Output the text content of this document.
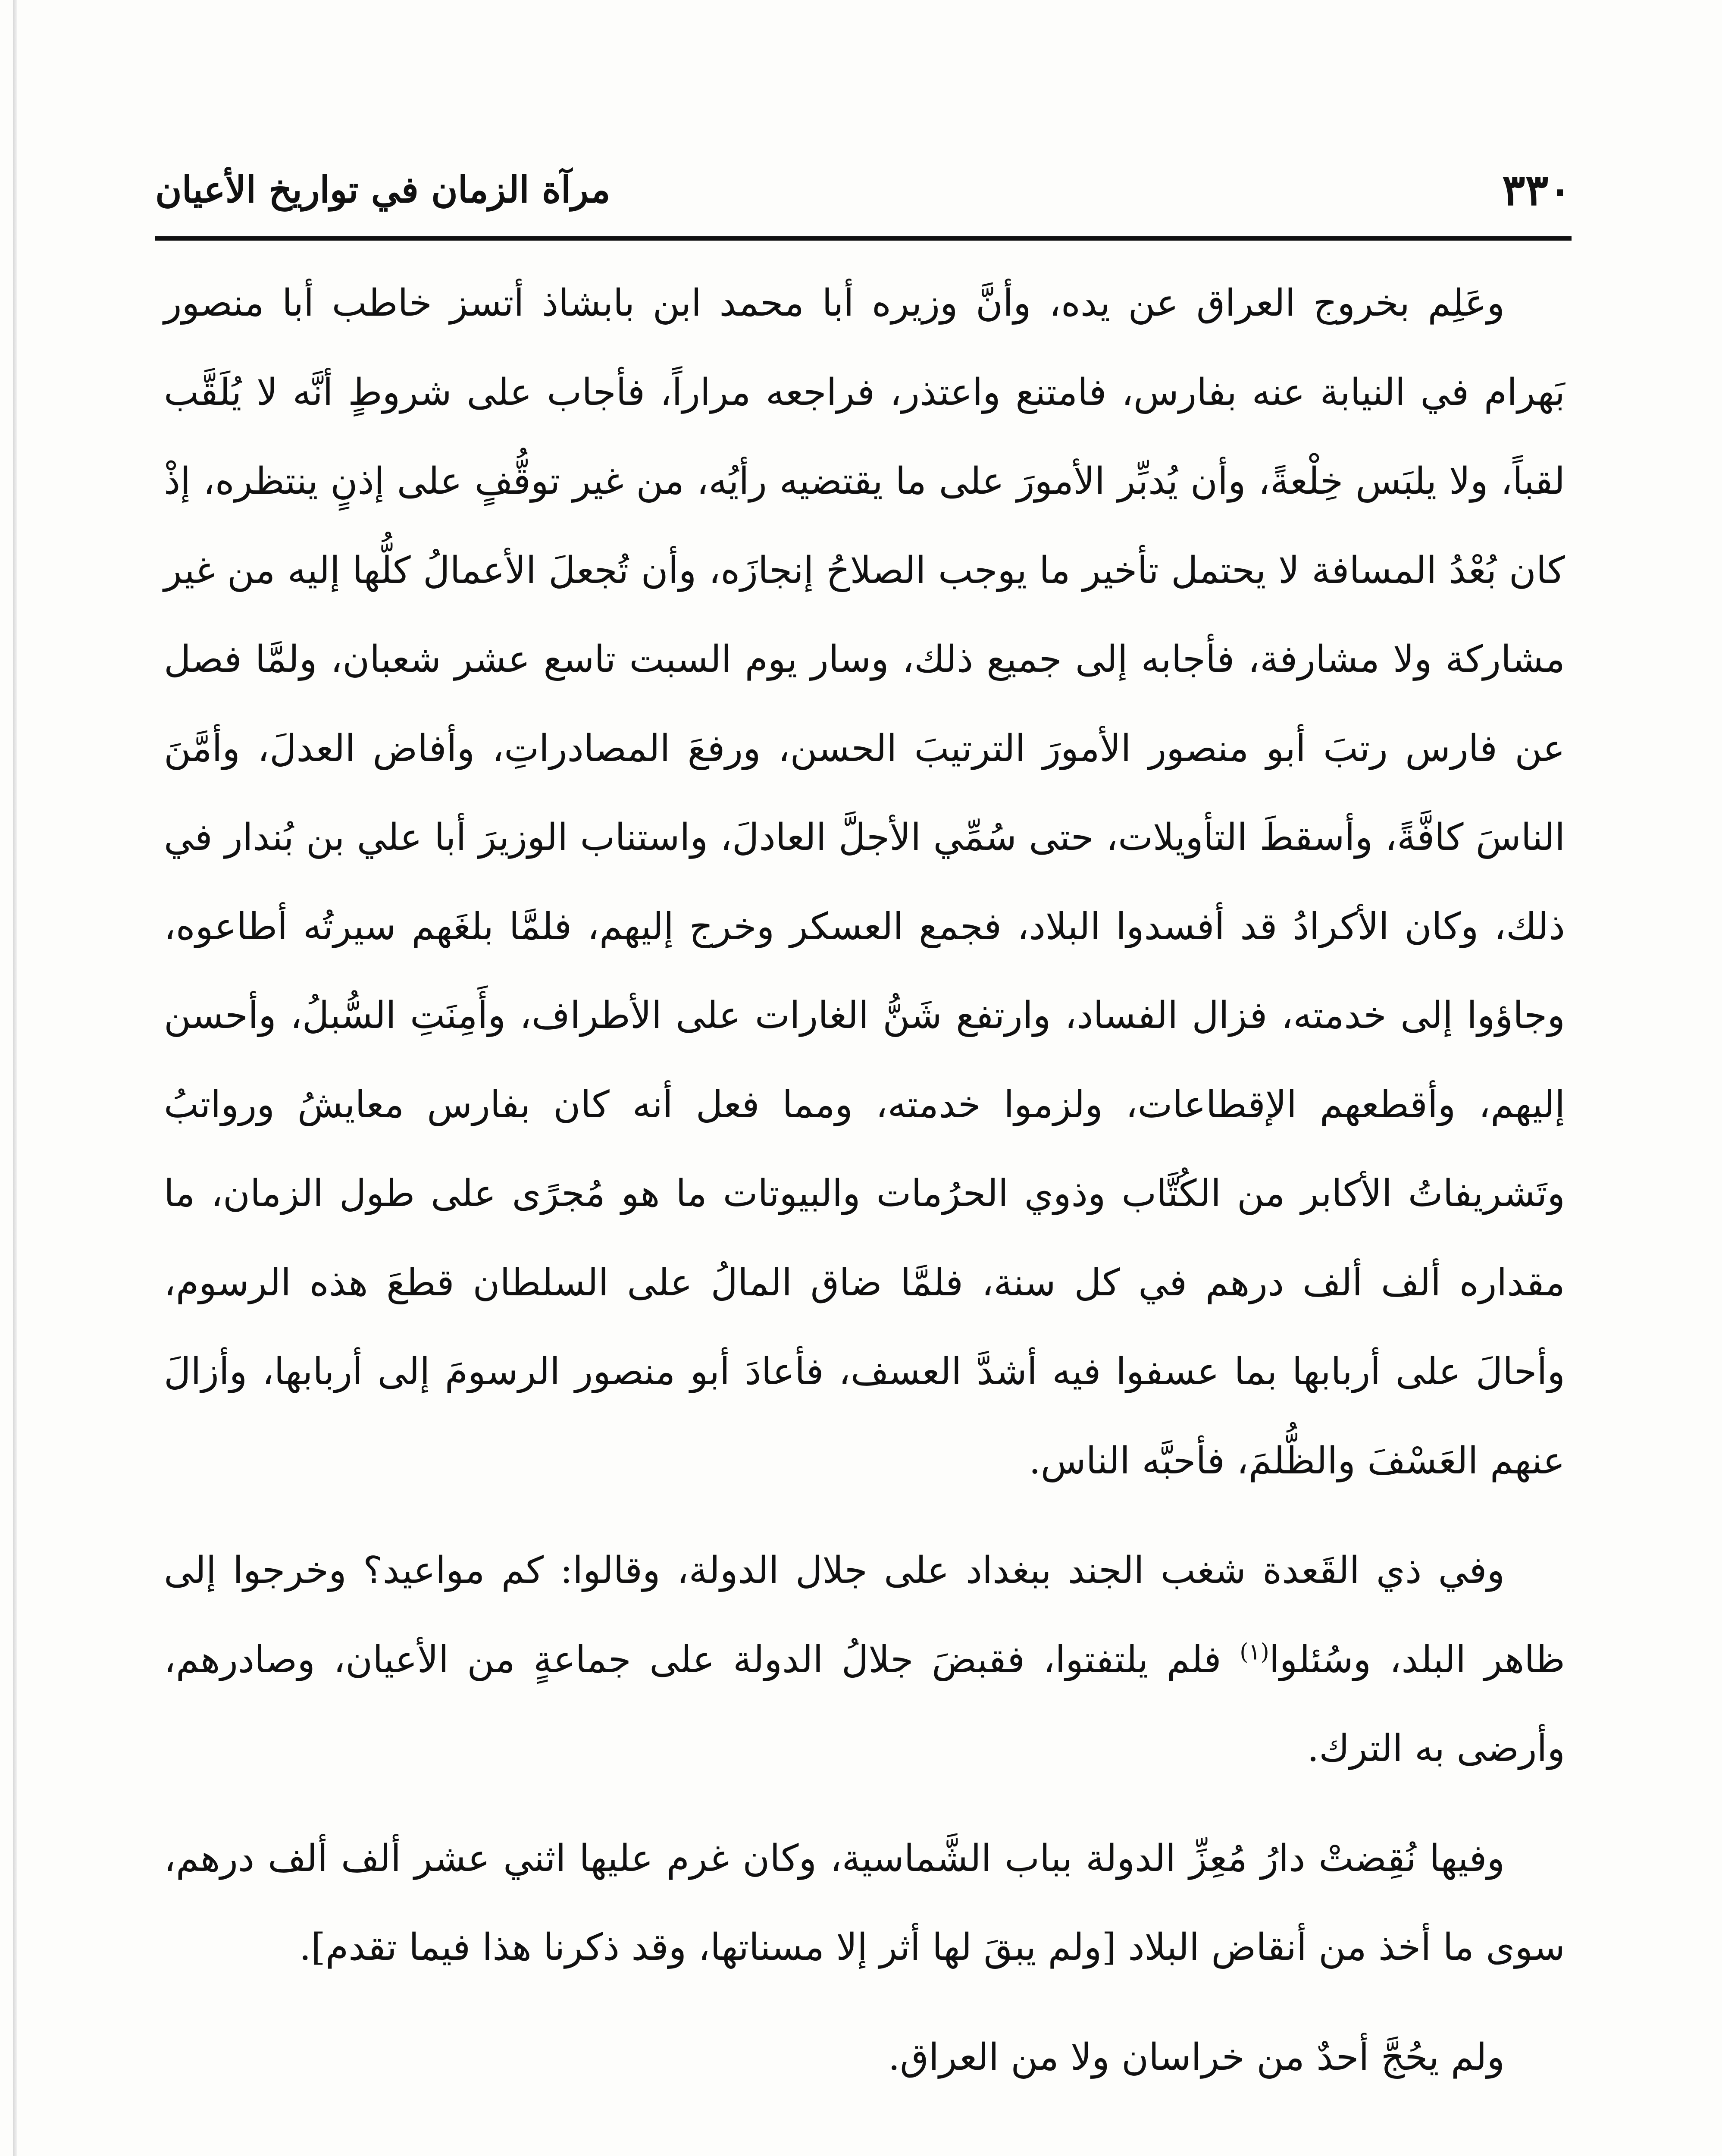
٣٣٠
مرآة الزمان في تواريخ الأعيان

وعَلِم بخروج العراق عن يده، وأنَّ وزيره أبا محمد ابن بابشاذ أتسز خاطب أبا منصور بَهرام في النيابة عنه بفارس، فامتنع واعتذر، فراجعه مراراً، فأجاب على شروطٍ أنَّه لا يُلَقَّب لقباً، ولا يلبَس خِلْعةً، وأن يُدبِّر الأمورَ على ما يقتضيه رأيُه، من غير توقُّفٍ على إذنٍ ينتظره، إذْ كان بُعْدُ المسافة لا يحتمل تأخير ما يوجب الصلاحُ إنجازَه، وأن تُجعلَ الأعمالُ كلُّها إليه من غير مشاركة ولا مشارفة، فأجابه إلى جميع ذلك، وسار يوم السبت تاسع عشر شعبان، ولمَّا فصل عن فارس رتبَ أبو منصور الأمورَ الترتيبَ الحسن، ورفعَ المصادراتِ، وأفاض العدلَ، وأمَّنَ الناسَ كافَّةً، وأسقطَ التأويلات، حتى سُمِّي الأجلَّ العادلَ، واستناب الوزيرَ أبا علي بن بُندار في ذلك، وكان الأكرادُ قد أفسدوا البلاد، فجمع العسكر وخرج إليهم، فلمَّا بلغَهم سيرتُه أطاعوه، وجاؤوا إلى خدمته، فزال الفساد، وارتفع شَنُّ الغارات على الأطراف، وأَمِنَتِ السُّبلُ، وأحسن إليهم، وأقطعهم الإقطاعات، ولزموا خدمته، ومما فعل أنه كان بفارس معايشُ ورواتبُ وتَشريفاتُ الأكابر من الكُتَّاب وذوي الحرُمات والبيوتات ما هو مُجرًى على طول الزمان، ما مقداره ألف ألف درهم في كل سنة، فلمَّا ضاق المالُ على السلطان قطعَ هذه الرسوم، وأحالَ على أربابها بما عسفوا فيه أشدَّ العسف، فأعادَ أبو منصور الرسومَ إلى أربابها، وأزالَ عنهم العَسْفَ والظُّلمَ، فأحبَّه الناس.

وفي ذي القَعدة شغب الجند ببغداد على جلال الدولة، وقالوا: كم مواعيد؟ وخرجوا إلى ظاهر البلد، وسُئلوا$^{(١)}$ فلم يلتفتوا، فقبضَ جلالُ الدولة على جماعةٍ من الأعيان، وصادرهم، وأرضى به الترك.

وفيها نُقِضتْ دارُ مُعِزِّ الدولة بباب الشَّماسية، وكان غرم عليها اثني عشر ألف ألف درهم، سوى ما أخذ من أنقاض البلاد [ولم يبقَ لها أثر إلا مسناتها، وقد ذكرنا هذا فيما تقدم].

ولم يحُجَّ أحدٌ من خراسان ولا من العراق.
